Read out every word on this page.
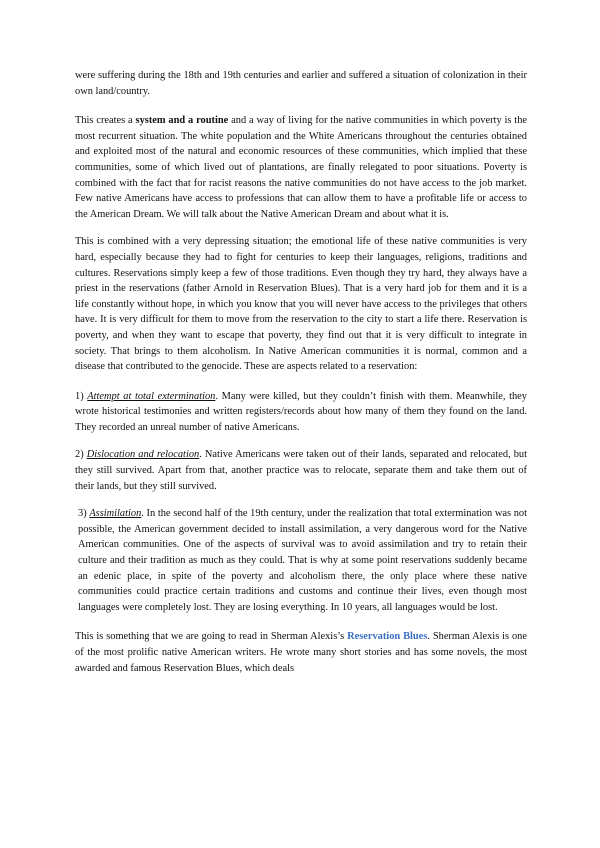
were suffering during the 18th and 19th centuries and earlier and suffered a situation of colonization in their own land/country.

This creates a system and a routine and a way of living for the native communities in which poverty is the most recurrent situation. The white population and the White Americans throughout the centuries obtained and exploited most of the natural and economic resources of these communities, which implied that these communities, some of which lived out of plantations, are finally relegated to poor situations. Poverty is combined with the fact that for racist reasons the native communities do not have access to the job market. Few native Americans have access to professions that can allow them to have a profitable life or access to the American Dream. We will talk about the Native American Dream and about what it is.

This is combined with a very depressing situation; the emotional life of these native communities is very hard, especially because they had to fight for centuries to keep their languages, religions, traditions and cultures. Reservations simply keep a few of those traditions. Even though they try hard, they always have a priest in the reservations (father Arnold in Reservation Blues). That is a very hard job for them and it is a life constantly without hope, in which you know that you will never have access to the privileges that others have. It is very difficult for them to move from the reservation to the city to start a life there. Reservation is poverty, and when they want to escape that poverty, they find out that it is very difficult to integrate in society. That brings to them alcoholism. In Native American communities it is normal, common and a disease that contributed to the genocide. These are aspects related to a reservation:

1) Attempt at total extermination. Many were killed, but they couldn’t finish with them. Meanwhile, they wrote historical testimonies and written registers/records about how many of them they found on the land. They recorded an unreal number of native Americans.

2) Dislocation and relocation. Native Americans were taken out of their lands, separated and relocated, but they still survived. Apart from that, another practice was to relocate, separate them and take them out of their lands, but they still survived.

3) Assimilation. In the second half of the 19th century, under the realization that total extermination was not possible, the American government decided to install assimilation, a very dangerous word for the Native American communities. One of the aspects of survival was to avoid assimilation and try to retain their culture and their tradition as much as they could. That is why at some point reservations suddenly became an edenic place, in spite of the poverty and alcoholism there, the only place where these native communities could practice certain traditions and customs and continue their lives, even though most languages were completely lost. They are losing everything. In 10 years, all languages would be lost.

This is something that we are going to read in Sherman Alexis’s Reservation Blues. Sherman Alexis is one of the most prolific native American writers. He wrote many short stories and has some novels, the most awarded and famous Reservation Blues, which deals
